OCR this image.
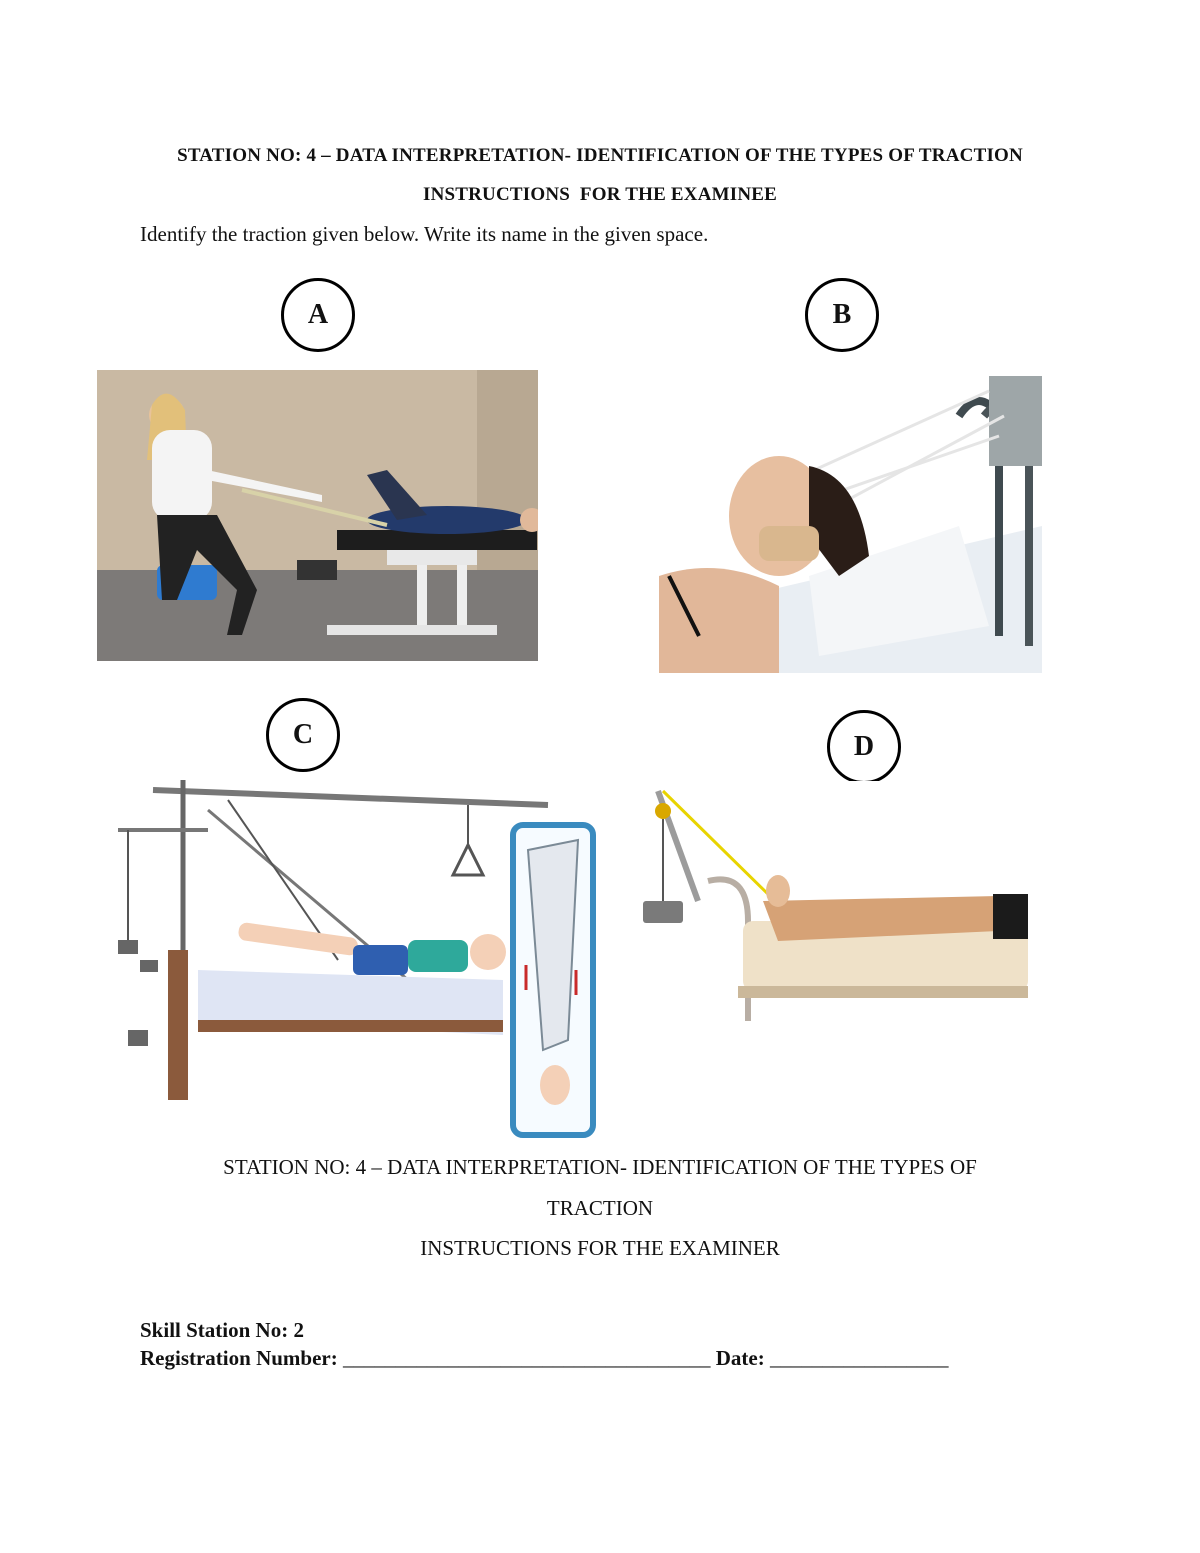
STATION NO: 4 – DATA INTERPRETATION- IDENTIFICATION OF THE TYPES OF TRACTION
INSTRUCTIONS  FOR THE EXAMINEE
Identify the traction given below. Write its name in the given space.
A	B
C	D
STATION NO: 4 – DATA INTERPRETATION- IDENTIFICATION OF THE TYPES OF
TRACTION
INSTRUCTIONS FOR THE EXAMINER
Skill Station No: 2
Registration Number: ___________________________________ Date: _________________
